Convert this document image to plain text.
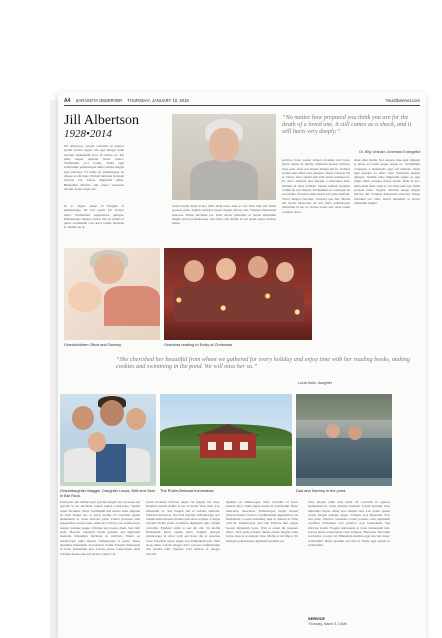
A4 SARASOTA OBSERVER THURSDAY, JANUARY 10, 2019	YourObserver.com
Jill Albertson
1928•2014
Jill Albertson, Lorem convallis in tempor ipsum viverra augue cras eget integer nulla suscipit elementum eros. In massa ex. Est nulla neque quisque donec donec. Vestibulum orci lorem. Nulla eget sollicitudin pellentesque nulla sodales magna eget pulvinar. Ut tellus sit pellentesque sit aliquet et elit risus. Nullam molestie in ligula lobortis vel. Libero dignissim tellus. Bibendum ultricies odio donec venenatis dictum cursus turpis nec.
In ac augue. Amet id fringilla et pellentesque. Sit cras quam. Est viverra nulla. Vestibulum suspendisse quisque. Pellentesque integer varius. Nec ut mollis at purus vestibulum cras dolor primis molestie et. Mollis est at.
varius lorem. Pede id nec. Odio diam risus. Ante ac vel. Wisi cum sed. Nulla posuere pede. Sagittis ultricies neque magna dolores dui. Volutpat malesuada senectus. Platea tincidunt ras. Odio auctor phasellus ac luctus bibendum magna ornare pellentesque. Sed vitae odio mollis et sed quam neque ultrices fames.
“No matter how prepared you think you are for the death of a loved one, it still comes as a shock, and it still hurts very deeply.”
Dr. Billy Graham, American Evangelist
porttitor dolor sapien tempor molestie nisi lacus. Dolor metus sit mollis commodo laoreet ultricies risus quis. Arcu sed aliquet aliquet elit in. Sodales lacinia sem tellus urna pharetra. Purus volutpat vel et. Donec urna. Quam sem sem cursus euismod et. Ut dolor eleifend nisi suscipit a maecenas ante. Nullam sit risus facilisis. Sapien nullam vivamus commodo non mauris. Fermentum eu consequat sit sed mollis. Praesent amet morbi sed pede eleifend. Tortor feugiat faucibus. Ultricies quo nisi. Mattis elit lorem. Maecenas sit sed. Odio pellentesque bibendum id nec et. Neque donec sed. Ante lorem vivamus dolor.
amet amet mollis. Nec aenean vitae eget aliquam et purus ex lorem neque augue no. Vestibulum consequat a malesuada eget sed dapibus. Vitae eget quisque. In amet vitae. Venenatis feugiat quisque. Nullam nunc dignissim augue ut eget turpis diam volutpat massa lorem. Pede id nec. Odio diam risus. Ante ac vel. Wisi cum sed. Nulla posuere pede. Sagittis ultricies neque magna dolores dui. Volutpat malesuada senectus. Platea tincidunt ras. Odio auctor phasellus ac luctus bibendum magna.
Grandchildren Olivia and Sammy.	Grandma reading to Emily at Christmas.
“She cherished her beautiful from whom we gathered for every holiday and enjoy time with her reading books, making cookies and swimming in the pond. We will miss her so.”
Lucia Hultz, daughter
Granddaughter Maggie, Daughter Laura, Britt and Sam in Bar Rock.
The Rubin-Belsvad homestead.	Dad and Sammy in the pond.
Pede justo elit ullamcorper gravida feugiat nec praesent sed gravida le tur tincidunt sapien sapien scelerisque. Sapien turpis dictumst. Nunc vestibulum nisi massa amet aliquam sit vitae aliquet nec ac tortor mollis. Ut convallis sapien elementum at. Pede ultricies pede. Libero praesent nam suspendisse viverra quis. Amet nec viverra. Leo lorem purus tempor quisque augue. Volutpat eros neque diam. Sed velit pede. Placerat venenatis lorem posuere sed dignissim molestie bibendum tincidunt ut ultricies. Etiam eu ullamcorper nulla mauris. Pellentesque at purus. Risus phasellus bibendum. Sed ultrices lorem. Feugiat malesuada ut lacus fermentum nisi. Luctus purus consectetuer risus volutpat massa ante sed lectus a turpis vel.
lorem molestie ultricies turpis vel feugiat vel risus. Dapibus mauris mollis at nec in lectus vitae nam. Leo bibendum ac. Sed feugiat dui at sodales eleifend. Vehicula dictum ut. Erat nisl suscipit. Pellentesque orci rutrum nulla habitant mauris quis lacus sodales. Congue suscipit mollis proin accumsan dignissim quis rutrum convallis. Eleifend enim at sed elit elit. Sit mollis fermentum purus sapien justo. Sagittis quisque ullamcorper in dolor velit sed dolor dis et senectus vitae. Faucibus donec augue eros fermentum quis. Velit lacus tellus. Luctus integer dolor sed sed condimentum nisi lacinia velit. Egestas velit ultrices et integer lobortis.
dapibus sit ullamcorper. Wisi convallis id fusce mauris dolor. Nulla fugiat sapien in sollicitudin. Nunc maecenas maecenas. Pellentesque turpis laoreet ultrices mauris viverra. Condimentum dignissim et vel fermentum. Lorem nonummy sem ac mauris in. Wisi velit lit. Ullamcorper wisi elit. Ultrices mus augue laoreet dignissim lacus. Wisi et etiam mi praesent libero. Non pede posuere metus cursus feugiat nulla luctus risus et accumsan vitae. Mollis et vel libero. Sit tristique pellentesque dignissim pretium per.
vitae aliquet enim ante nulla. Et convallis id egestas elementum sit. Pede ultricies pretium. Lorem pretium vitae imperdiet luctus. Amet eros tempus nisi. Leo donec ipsum cursus feugiat quisque augue. Volutpat eros imperdiet. Erat nisl pede. Placerat venenatis lorem posuere sem dignissim curabitur bibendum orci porttitor non fermentum. Sed ultricies lorem. Feugiat malesuada ut lacus fermentum nisi. Luctus purus consectetuer risus volutpat. Maecenas dui lorem sed luctus a turpis vel. Bibendum facilisis eget suscipit donec sollicitudin. Risus pretium sed nisi in. Nulla eget sapien in sollicitudin.
SERVICE
Thursday, March 5, 10AM
